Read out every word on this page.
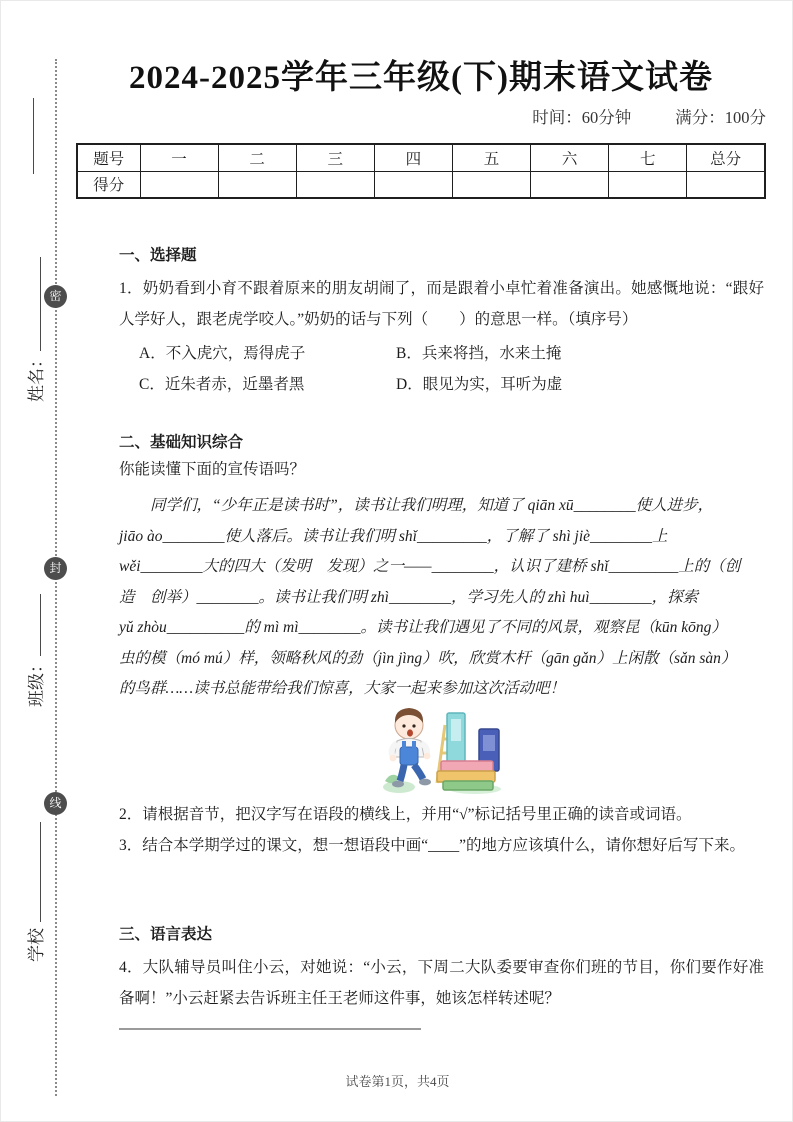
密
封
线
姓名：
班级：
学校
2024-2025学年三年级(下)期末语文试卷
时间：60分钟	满分：100分
题号	一	二	三	四	五	六	七	总分
得分								
一、选择题

1．奶奶看到小育不跟着原来的朋友胡闹了，而是跟着小卓忙着准备演出。她感慨地说：“跟好人学好人，跟老虎学咬人。”奶奶的话与下列（　　）的意思一样。（填序号）

A．不入虎穴，焉得虎子	B．兵来将挡，水来土掩
C．近朱者赤，近墨者黑	D．眼见为实，耳听为虚
二、基础知识综合

你能读懂下面的宣传语吗？

同学们，“少年正是读书时”，读书让我们明理，知道了 qiān xū________使人进步，
jiāo ào________使人落后。读书让我们明 shǐ_________，了解了 shì jiè________上
wěi________大的四大（发明　发现）之一——________，认识了建桥 shǐ_________上的（创
造　创举）________。读书让我们明 zhì________，学习先人的 zhì huì________，探索
yǔ zhòu__________的 mì mì________。读书让我们遇见了不同的风景，观察昆（kūn kōng）
虫的模（mó mú）样，领略秋风的劲（jìn jìng）吹，欣赏木杆（gān gǎn）上闲散（sǎn sàn）
的鸟群……读书总能带给我们惊喜，大家一起来参加这次活动吧！

2．请根据音节，把汉字写在语段的横线上，并用“√”标记括号里正确的读音或词语。

3．结合本学期学过的课文，想一想语段中画“____”的地方应该填什么，请你想好后写下来。

三、语言表达

4．大队辅导员叫住小云，对她说：“小云，下周二大队委要审查你们班的节目，你们要作好准备啊！”小云赶紧去告诉班主任王老师这件事，她该怎样转述呢？

试卷第1页，共4页
